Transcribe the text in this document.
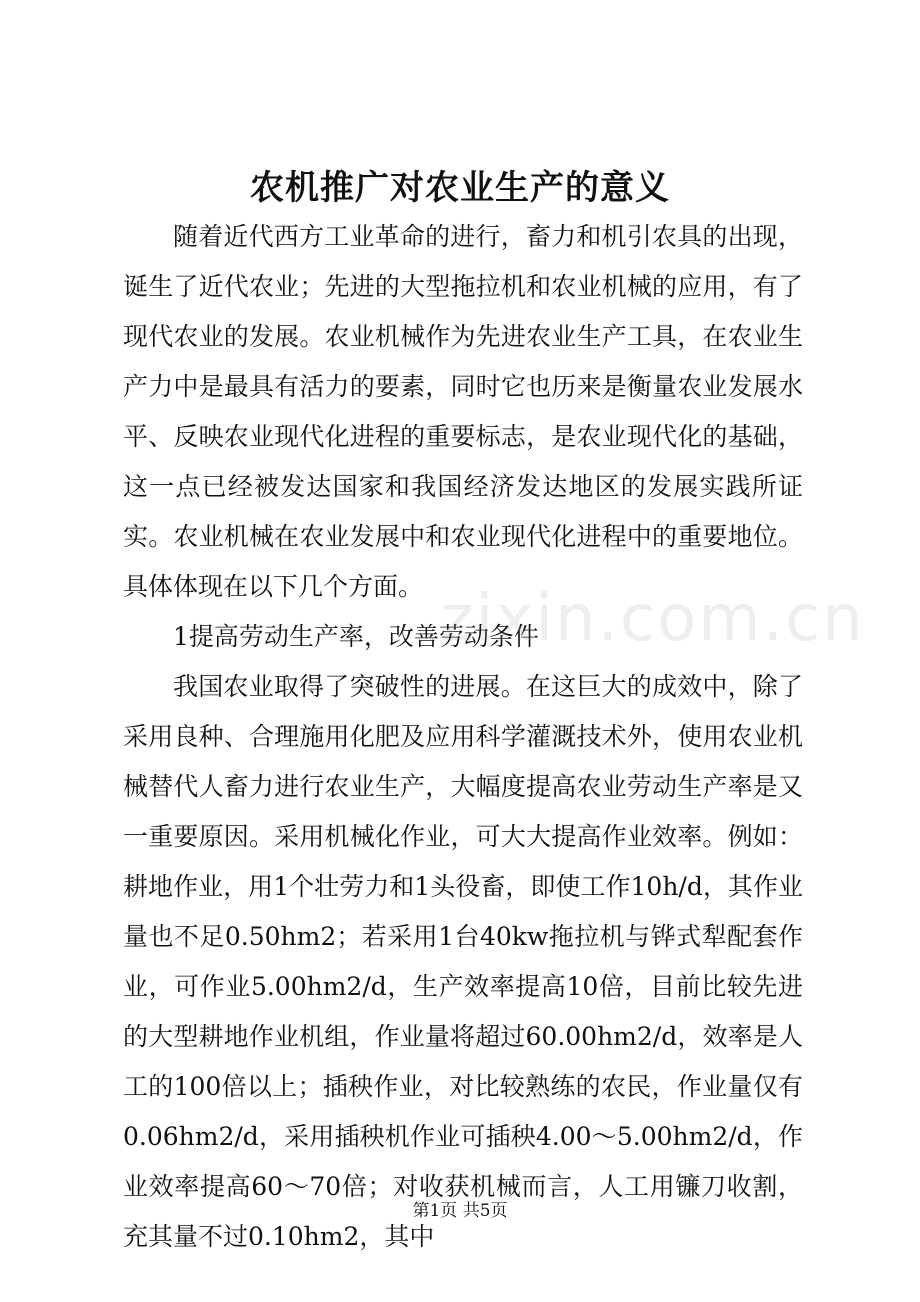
农机推广对农业生产的意义

随着近代西方工业革命的进行，畜力和机引农具的出现，诞生了近代农业；先进的大型拖拉机和农业机械的应用，有了现代农业的发展。农业机械作为先进农业生产工具，在农业生产力中是最具有活力的要素，同时它也历来是衡量农业发展水平、反映农业现代化进程的重要标志，是农业现代化的基础，这一点已经被发达国家和我国经济发达地区的发展实践所证实。农业机械在农业发展中和农业现代化进程中的重要地位。具体体现在以下几个方面。

1提高劳动生产率，改善劳动条件

我国农业取得了突破性的进展。在这巨大的成效中，除了采用良种、合理施用化肥及应用科学灌溉技术外，使用农业机械替代人畜力进行农业生产，大幅度提高农业劳动生产率是又一重要原因。采用机械化作业，可大大提高作业效率。例如：耕地作业，用1个壮劳力和1头役畜，即使工作10h/d，其作业量也不足0.50hm2；若采用1台40kw拖拉机与铧式犁配套作业，可作业5.00hm2/d，生产效率提高10倍，目前比较先进的大型耕地作业机组，作业量将超过60.00hm2/d，效率是人工的100倍以上；插秧作业，对比较熟练的农民，作业量仅有0.06hm2/d，采用插秧机作业可插秧4.00～5.00hm2/d，作业效率提高60～70倍；对收获机械而言，人工用镰刀收割，充其量不过0.10hm2，其中

zixin.com.cn
第1页 共5页
